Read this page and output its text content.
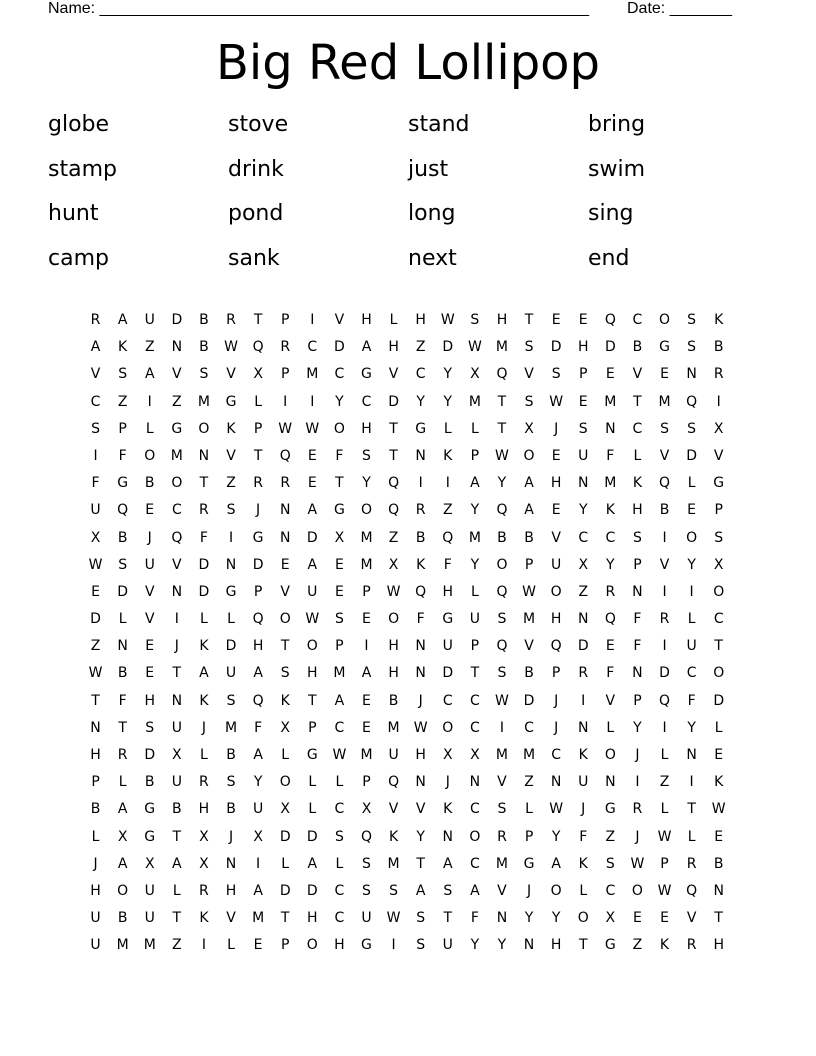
Name: _______________________________________________________ Date: _______
Big Red Lollipop
globe	stove	stand	bring
stamp	drink	just	swim
hunt	pond	long	sing
camp	sank	next	end
R	A	U	D	B	R	T	P	I	V	H	L	H	W	S	H	T	E	E	Q	C	O	S	K
A	K	Z	N	B	W	Q	R	C	D	A	H	Z	D	W	M	S	D	H	D	B	G	S	B
V	S	A	V	S	V	X	P	M	C	G	V	C	Y	X	Q	V	S	P	E	V	E	N	R
C	Z	I	Z	M	G	L	I	I	Y	C	D	Y	Y	M	T	S	W	E	M	T	M	Q	I
S	P	L	G	O	K	P	W W	O	H	T	G	L	L	T	X	J	S	N	C	S	S	X
I	F	O	M	N	V	T	Q	E	F	S	T	N	K	P	W	O	E	U	F	L	V	D	V
F	G	B	O	T	Z	R	R	E	T	Y	Q	I	I	A	Y	A	H	N	M	K	Q	L	G
U	Q	E	C	R	S	J	N	A	G	O	Q	R	Z	Y	Q	A	E	Y	K	H	B	E	P
X	B	J	Q	F	I	G	N	D	X	M	Z	B	Q	M	B	B	V	C	C	S	I	O	S
W	S	U	V	D	N	D	E	A	E	M	X	K	F	Y	O	P	U	X	Y	P	V	Y	X
E	D	V	N	D	G	P	V	U	E	P	W	Q	H	L	Q	W	O	Z	R	N	I	I	O
D	L	V	I	L	L	Q	O	W	S	E	O	F	G	U	S	M	H	N	Q	F	R	L	C
Z	N	E	J	K	D	H	T	O	P	I	H	N	U	P	Q	V	Q	D	E	F	I	U	T
W	B	E	T	A	U	A	S	H	M	A	H	N	D	T	S	B	P	R	F	N	D	C	O
T	F	H	N	K	S	Q	K	T	A	E	B	J	C	C	W	D	J	I	V	P	Q	F	D
N	T	S	U	J	M	F	X	P	C	E	M	W	O	C	I	C	J	N	L	Y	I	Y	L
H	R	D	X	L	B	A	L	G	W	M	U	H	X	X	M	M	C	K	O	J	L	N	E
P	L	B	U	R	S	Y	O	L	L	P	Q	N	J	N	V	Z	N	U	N	I	Z	I	K
B	A	G	B	H	B	U	X	L	C	X	V	V	K	C	S	L	W	J	G	R	L	T	W
L	X	G	T	X	J	X	D	D	S	Q	K	Y	N	O	R	P	Y	F	Z	J	W	L	E
J	A	X	A	X	N	I	L	A	L	S	M	T	A	C	M	G	A	K	S	W	P	R	B
H	O	U	L	R	H	A	D	D	C	S	S	A	S	A	V	J	O	L	C	O	W	Q	N
U	B	U	T	K	V	M	T	H	C	U	W	S	T	F	N	Y	Y	O	X	E	E	V	T
U	M	M	Z	I	L	E	P	O	H	G	I	S	U	Y	Y	N	H	T	G	Z	K	R	H
